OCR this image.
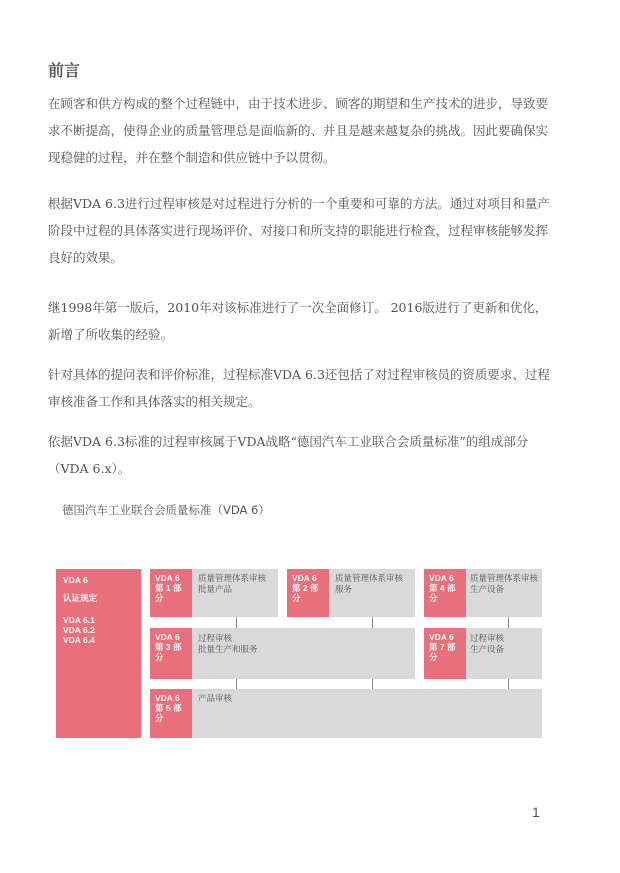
前言
在顾客和供方构成的整个过程链中，由于技术进步、顾客的期望和生产技术的进步，导致要求不断提高，使得企业的质量管理总是面临新的、并且是越来越复杂的挑战。因此要确保实现稳健的过程，并在整个制造和供应链中予以贯彻。
根据VDA 6.3进行过程审核是对过程进行分析的一个重要和可靠的方法。通过对项目和量产阶段中过程的具体落实进行现场评价、对接口和所支持的职能进行检查，过程审核能够发挥良好的效果。
继1998年第一版后，2010年对该标准进行了一次全面修订。 2016版进行了更新和优化，新增了所收集的经验。
针对具体的提问表和评价标准，过程标准VDA 6.3还包括了对过程审核员的资质要求、过程审核准备工作和具体落实的相关规定。
依据VDA 6.3标准的过程审核属于VDA战略“德国汽车工业联合会质量标准”的组成部分（VDA 6.x）。
德国汽车工业联合会质量标准（VDA 6）
VDA 6
认证规定
VDA 6.1
VDA 6.2
VDA 6.4
VDA 6
第 1 部
分
质量管理体系审核
批量产品
VDA 6
第 2 部
分
质量管理体系审核
服务
VDA 6
第 4 部
分
质量管理体系审核
生产设备
VDA 6
第 3 部
分
过程审核
批量生产和服务
VDA 6
第 7 部
分
过程审核
生产设备
VDA 6
第 5 部
分
产品审核
1
